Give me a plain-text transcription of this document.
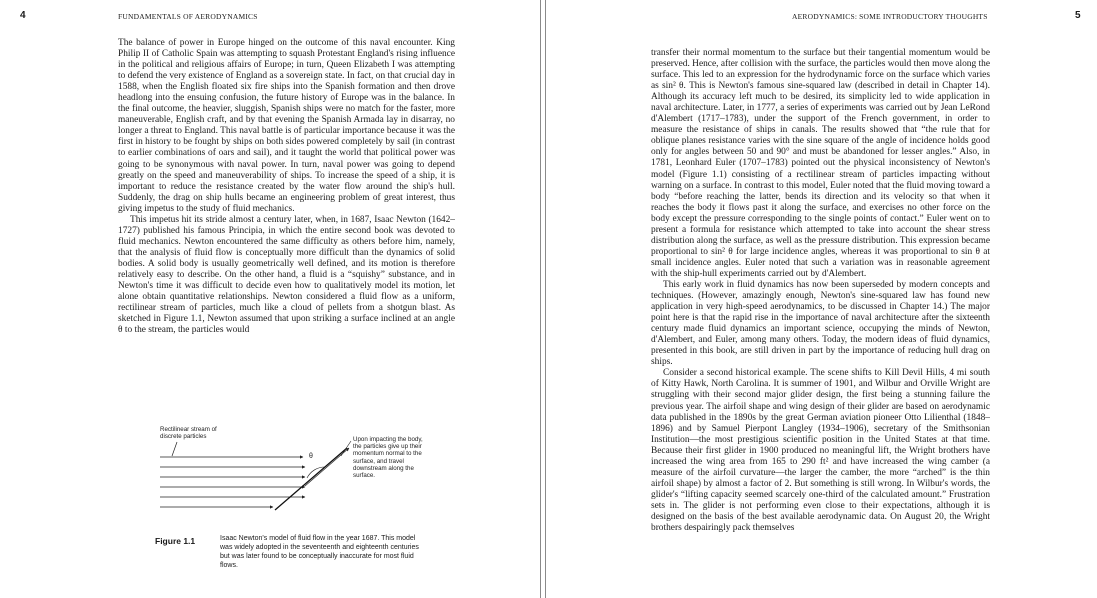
4	FUNDAMENTALS OF AERODYNAMICS

The balance of power in Europe hinged on the outcome of this naval encounter. King Philip II of Catholic Spain was attempting to squash Protestant England's rising influence in the political and religious affairs of Europe; in turn, Queen Elizabeth I was attempting to defend the very existence of England as a sovereign state. In fact, on that crucial day in 1588, when the English floated six fire ships into the Spanish formation and then drove headlong into the ensuing confusion, the future history of Europe was in the balance. In the final outcome, the heavier, sluggish, Spanish ships were no match for the faster, more maneuverable, English craft, and by that evening the Spanish Armada lay in disarray, no longer a threat to England. This naval battle is of particular importance because it was the first in history to be fought by ships on both sides powered completely by sail (in contrast to earlier combinations of oars and sail), and it taught the world that political power was going to be synonymous with naval power. In turn, naval power was going to depend greatly on the speed and maneuverability of ships. To increase the speed of a ship, it is important to reduce the resistance created by the water flow around the ship's hull. Suddenly, the drag on ship hulls became an engineering problem of great interest, thus giving impetus to the study of fluid mechanics.

This impetus hit its stride almost a century later, when, in 1687, Isaac Newton (1642–1727) published his famous Principia, in which the entire second book was devoted to fluid mechanics. Newton encountered the same difficulty as others before him, namely, that the analysis of fluid flow is conceptually more difficult than the dynamics of solid bodies. A solid body is usually geometrically well defined, and its motion is therefore relatively easy to describe. On the other hand, a fluid is a “squishy” substance, and in Newton's time it was difficult to decide even how to qualitatively model its motion, let alone obtain quantitative relationships. Newton considered a fluid flow as a uniform, rectilinear stream of particles, much like a cloud of pellets from a shotgun blast. As sketched in Figure 1.1, Newton assumed that upon striking a surface inclined at an angle θ to the stream, the particles would

Rectilinear stream of discrete particles
θ
Upon impacting the body, the particles give up their momentum normal to the surface, and travel downstream along the surface.
Figure 1.1	Isaac Newton's model of fluid flow in the year 1687. This model was widely adopted in the seventeenth and eighteenth centuries but was later found to be conceptually inaccurate for most fluid flows.
AERODYNAMICS: SOME INTRODUCTORY THOUGHTS	5

transfer their normal momentum to the surface but their tangential momentum would be preserved. Hence, after collision with the surface, the particles would then move along the surface. This led to an expression for the hydrodynamic force on the surface which varies as sin² θ. This is Newton's famous sine-squared law (described in detail in Chapter 14). Although its accuracy left much to be desired, its simplicity led to wide application in naval architecture. Later, in 1777, a series of experiments was carried out by Jean LeRond d'Alembert (1717–1783), under the support of the French government, in order to measure the resistance of ships in canals. The results showed that “the rule that for oblique planes resistance varies with the sine square of the angle of incidence holds good only for angles between 50 and 90° and must be abandoned for lesser angles.” Also, in 1781, Leonhard Euler (1707–1783) pointed out the physical inconsistency of Newton's model (Figure 1.1) consisting of a rectilinear stream of particles impacting without warning on a surface. In contrast to this model, Euler noted that the fluid moving toward a body “before reaching the latter, bends its direction and its velocity so that when it reaches the body it flows past it along the surface, and exercises no other force on the body except the pressure corresponding to the single points of contact.” Euler went on to present a formula for resistance which attempted to take into account the shear stress distribution along the surface, as well as the pressure distribution. This expression became proportional to sin² θ for large incidence angles, whereas it was proportional to sin θ at small incidence angles. Euler noted that such a variation was in reasonable agreement with the ship-hull experiments carried out by d'Alembert.

This early work in fluid dynamics has now been superseded by modern concepts and techniques. (However, amazingly enough, Newton's sine-squared law has found new application in very high-speed aerodynamics, to be discussed in Chapter 14.) The major point here is that the rapid rise in the importance of naval architecture after the sixteenth century made fluid dynamics an important science, occupying the minds of Newton, d'Alembert, and Euler, among many others. Today, the modern ideas of fluid dynamics, presented in this book, are still driven in part by the importance of reducing hull drag on ships.

Consider a second historical example. The scene shifts to Kill Devil Hills, 4 mi south of Kitty Hawk, North Carolina. It is summer of 1901, and Wilbur and Orville Wright are struggling with their second major glider design, the first being a stunning failure the previous year. The airfoil shape and wing design of their glider are based on aerodynamic data published in the 1890s by the great German aviation pioneer Otto Lilienthal (1848–1896) and by Samuel Pierpont Langley (1934–1906), secretary of the Smithsonian Institution—the most prestigious scientific position in the United States at that time. Because their first glider in 1900 produced no meaningful lift, the Wright brothers have increased the wing area from 165 to 290 ft² and have increased the wing camber (a measure of the airfoil curvature—the larger the camber, the more “arched” is the thin airfoil shape) by almost a factor of 2. But something is still wrong. In Wilbur's words, the glider's “lifting capacity seemed scarcely one-third of the calculated amount.” Frustration sets in. The glider is not performing even close to their expectations, although it is designed on the basis of the best available aerodynamic data. On August 20, the Wright brothers despairingly pack themselves
